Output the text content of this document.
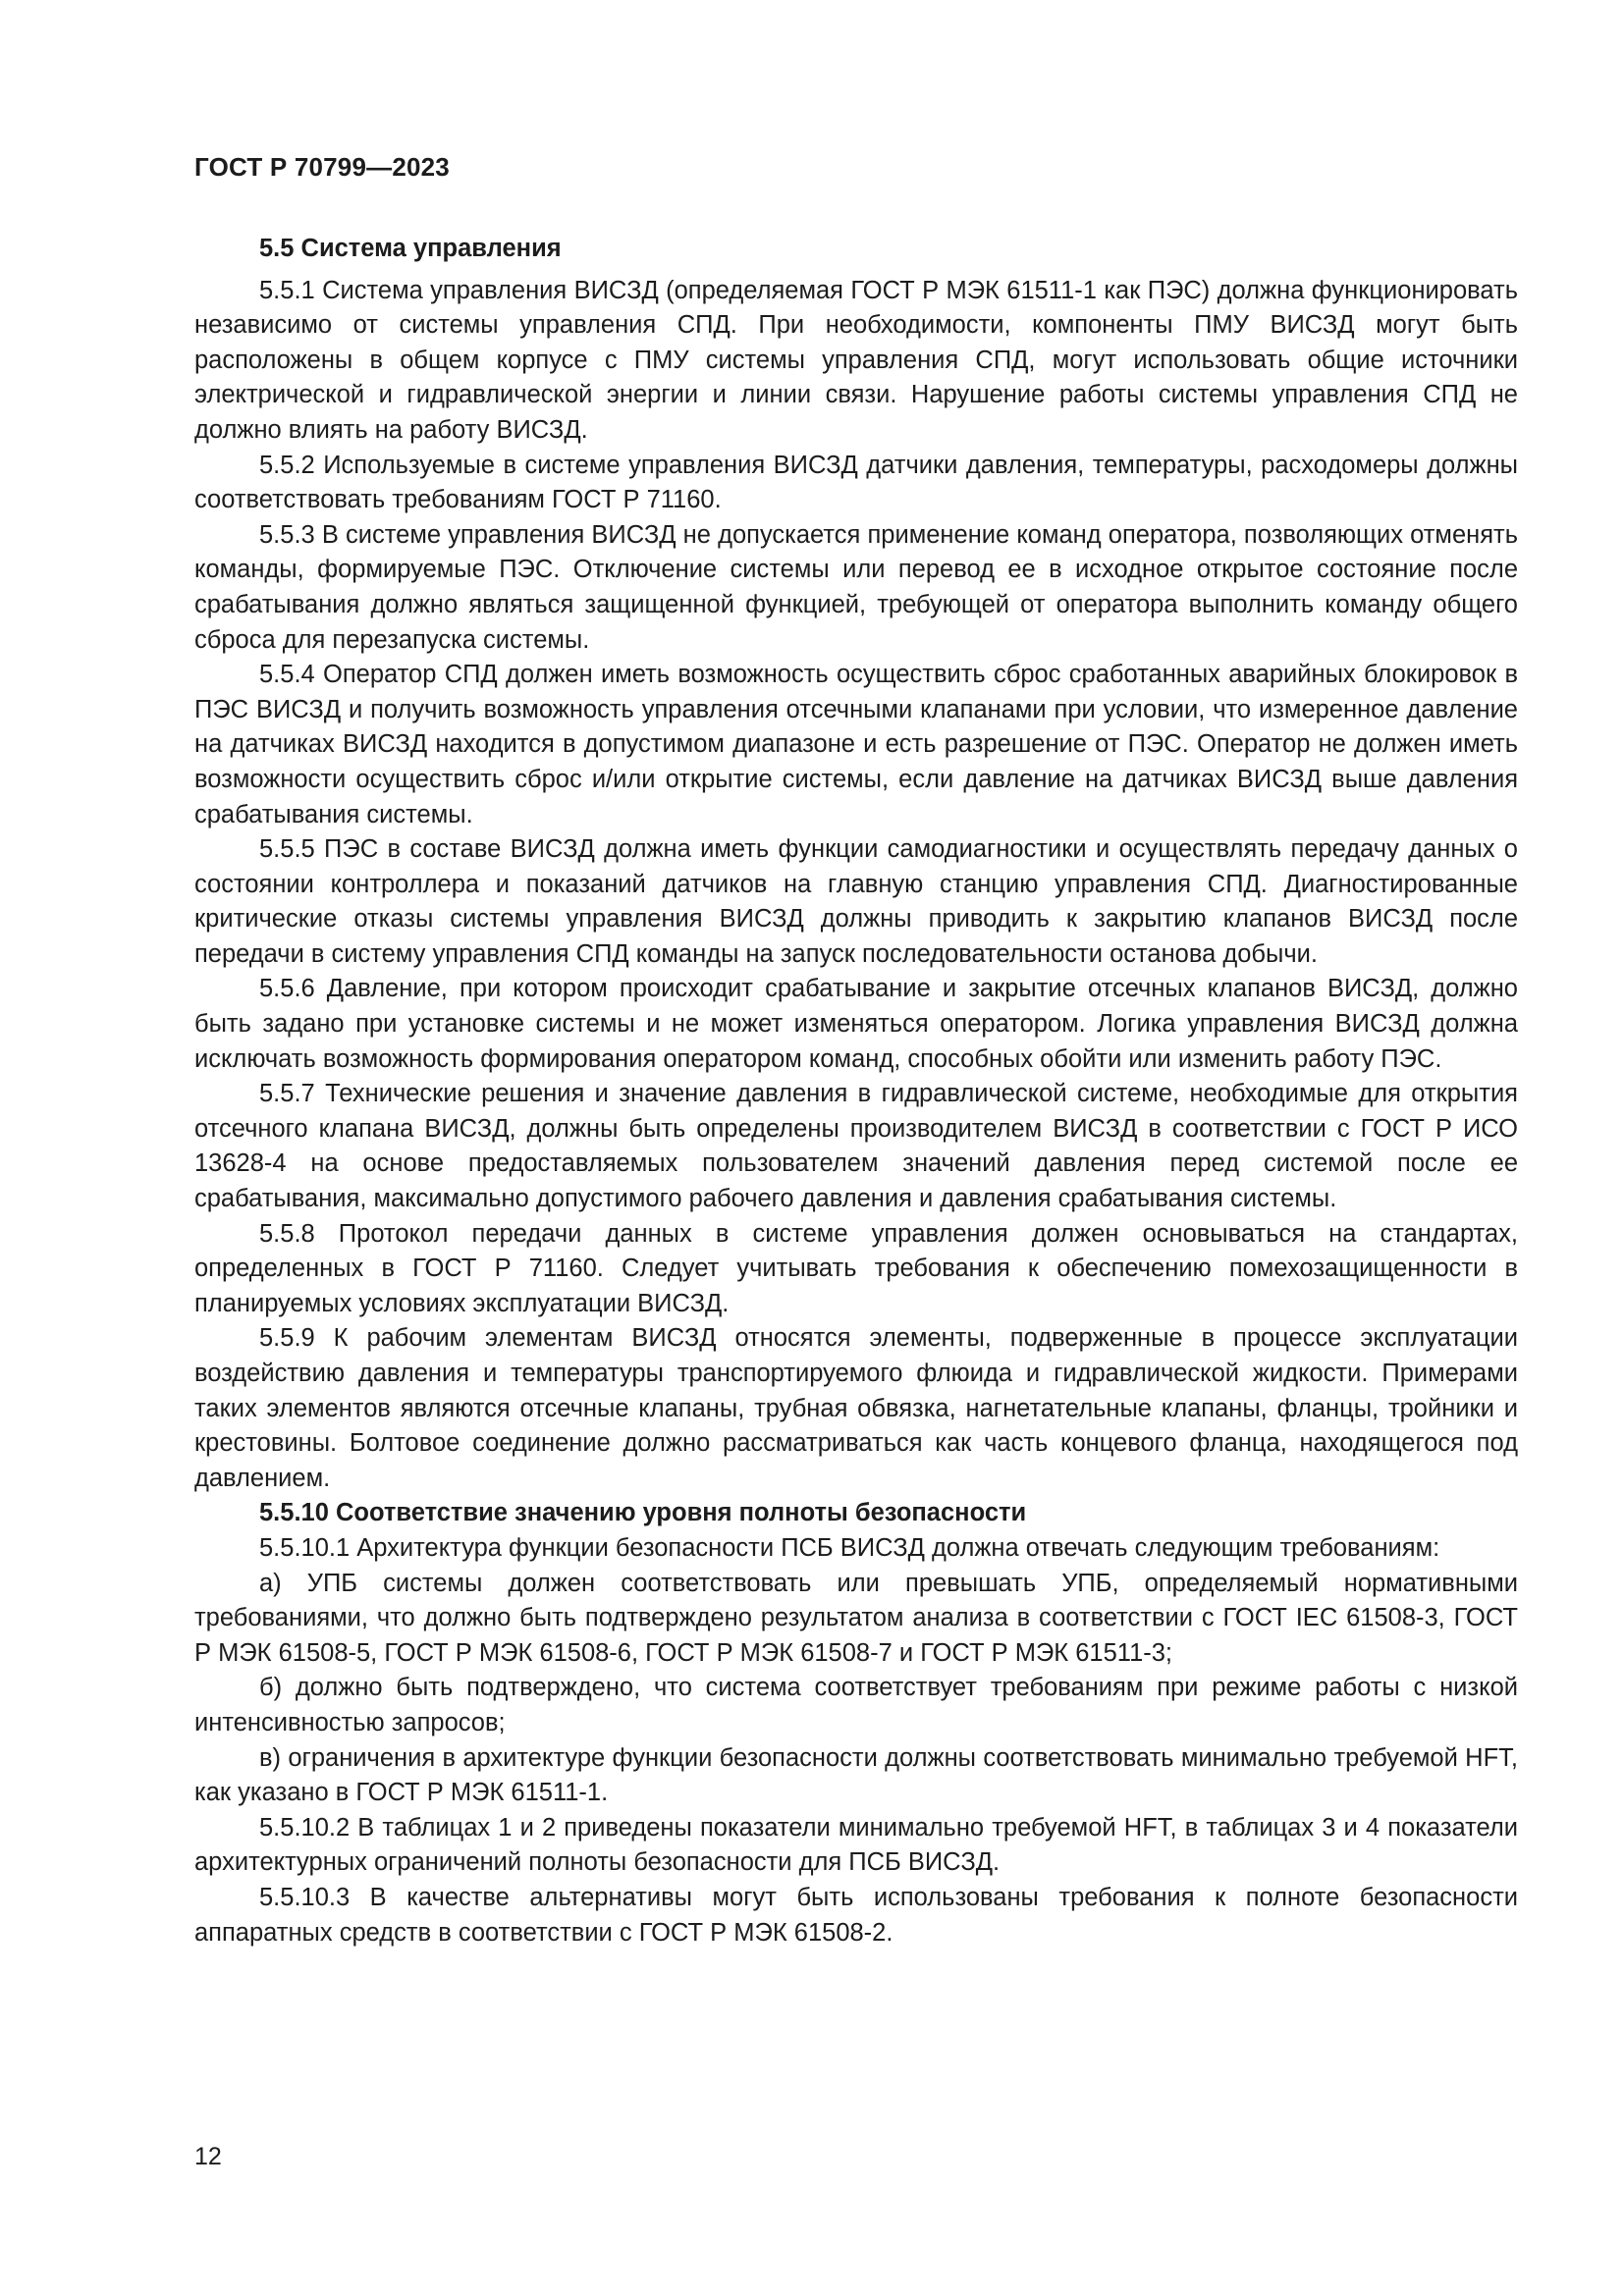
ГОСТ Р 70799—2023

5.5 Система управления

5.5.1 Система управления ВИСЗД (определяемая ГОСТ Р МЭК 61511-1 как ПЭС) должна функционировать независимо от системы управления СПД. При необходимости, компоненты ПМУ ВИСЗД могут быть расположены в общем корпусе с ПМУ системы управления СПД, могут использовать общие источники электрической и гидравлической энергии и линии связи. Нарушение работы системы управления СПД не должно влиять на работу ВИСЗД.

5.5.2 Используемые в системе управления ВИСЗД датчики давления, температуры, расходомеры должны соответствовать требованиям ГОСТ Р 71160.

5.5.3 В системе управления ВИСЗД не допускается применение команд оператора, позволяющих отменять команды, формируемые ПЭС. Отключение системы или перевод ее в исходное открытое состояние после срабатывания должно являться защищенной функцией, требующей от оператора выполнить команду общего сброса для перезапуска системы.

5.5.4 Оператор СПД должен иметь возможность осуществить сброс сработанных аварийных блокировок в ПЭС ВИСЗД и получить возможность управления отсечными клапанами при условии, что измеренное давление на датчиках ВИСЗД находится в допустимом диапазоне и есть разрешение от ПЭС. Оператор не должен иметь возможности осуществить сброс и/или открытие системы, если давление на датчиках ВИСЗД выше давления срабатывания системы.

5.5.5 ПЭС в составе ВИСЗД должна иметь функции самодиагностики и осуществлять передачу данных о состоянии контроллера и показаний датчиков на главную станцию управления СПД. Диагностированные критические отказы системы управления ВИСЗД должны приводить к закрытию клапанов ВИСЗД после передачи в систему управления СПД команды на запуск последовательности останова добычи.

5.5.6 Давление, при котором происходит срабатывание и закрытие отсечных клапанов ВИСЗД, должно быть задано при установке системы и не может изменяться оператором. Логика управления ВИСЗД должна исключать возможность формирования оператором команд, способных обойти или изменить работу ПЭС.

5.5.7 Технические решения и значение давления в гидравлической системе, необходимые для открытия отсечного клапана ВИСЗД, должны быть определены производителем ВИСЗД в соответствии с ГОСТ Р ИСО 13628-4 на основе предоставляемых пользователем значений давления перед системой после ее срабатывания, максимально допустимого рабочего давления и давления срабатывания системы.

5.5.8 Протокол передачи данных в системе управления должен основываться на стандартах, определенных в ГОСТ Р 71160. Следует учитывать требования к обеспечению помехозащищенности в планируемых условиях эксплуатации ВИСЗД.

5.5.9 К рабочим элементам ВИСЗД относятся элементы, подверженные в процессе эксплуатации воздействию давления и температуры транспортируемого флюида и гидравлической жидкости. Примерами таких элементов являются отсечные клапаны, трубная обвязка, нагнетательные клапаны, фланцы, тройники и крестовины. Болтовое соединение должно рассматриваться как часть концевого фланца, находящегося под давлением.

5.5.10 Соответствие значению уровня полноты безопасности

5.5.10.1 Архитектура функции безопасности ПСБ ВИСЗД должна отвечать следующим требованиям:

а) УПБ системы должен соответствовать или превышать УПБ, определяемый нормативными требованиями, что должно быть подтверждено результатом анализа в соответствии с ГОСТ IEC 61508-3, ГОСТ Р МЭК 61508-5, ГОСТ Р МЭК 61508-6, ГОСТ Р МЭК 61508-7 и ГОСТ Р МЭК 61511-3;

б) должно быть подтверждено, что система соответствует требованиям при режиме работы с низкой интенсивностью запросов;

в) ограничения в архитектуре функции безопасности должны соответствовать минимально требуемой HFT, как указано в ГОСТ Р МЭК 61511-1.

5.5.10.2 В таблицах 1 и 2 приведены показатели минимально требуемой HFT, в таблицах 3 и 4 показатели архитектурных ограничений полноты безопасности для ПСБ ВИСЗД.

5.5.10.3 В качестве альтернативы могут быть использованы требования к полноте безопасности аппаратных средств в соответствии с ГОСТ Р МЭК 61508-2.

12
